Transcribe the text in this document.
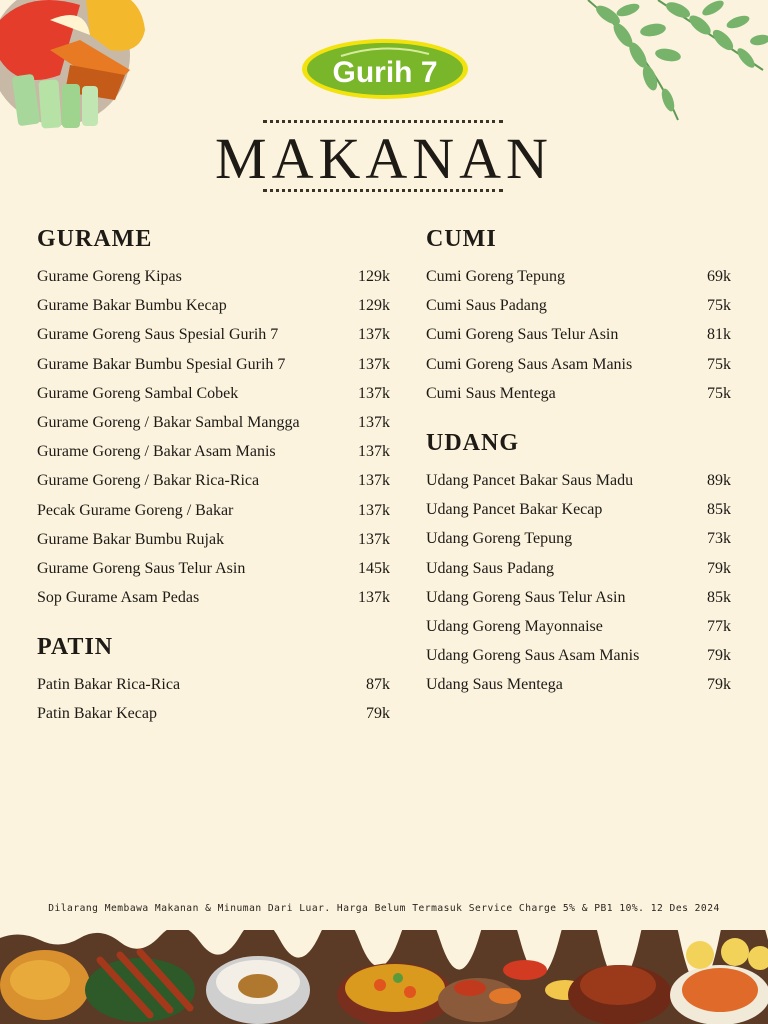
Gurih 7
MAKANAN
GURAME
Gurame Goreng Kipas	129k
Gurame Bakar Bumbu Kecap	129k
Gurame Goreng Saus Spesial Gurih 7	137k
Gurame Bakar Bumbu Spesial Gurih 7	137k
Gurame Goreng Sambal Cobek	137k
Gurame Goreng / Bakar Sambal Mangga	137k
Gurame Goreng / Bakar Asam Manis	137k
Gurame Goreng / Bakar Rica-Rica	137k
Pecak Gurame Goreng / Bakar	137k
Gurame Bakar Bumbu Rujak	137k
Gurame Goreng Saus Telur Asin	145k
Sop Gurame Asam Pedas	137k
PATIN
Patin Bakar Rica-Rica	87k
Patin Bakar Kecap	79k
CUMI
Cumi Goreng Tepung	69k
Cumi Saus Padang	75k
Cumi Goreng Saus Telur Asin	81k
Cumi Goreng Saus Asam Manis	75k
Cumi Saus Mentega	75k
UDANG
Udang Pancet Bakar Saus Madu	89k
Udang Pancet Bakar Kecap	85k
Udang Goreng Tepung	73k
Udang Saus Padang	79k
Udang Goreng Saus Telur Asin	85k
Udang Goreng Mayonnaise	77k
Udang Goreng Saus Asam Manis	79k
Udang Saus Mentega	79k
Dilarang Membawa Makanan & Minuman Dari Luar. Harga Belum Termasuk Service Charge 5% & PB1 10%. 12 Des 2024
